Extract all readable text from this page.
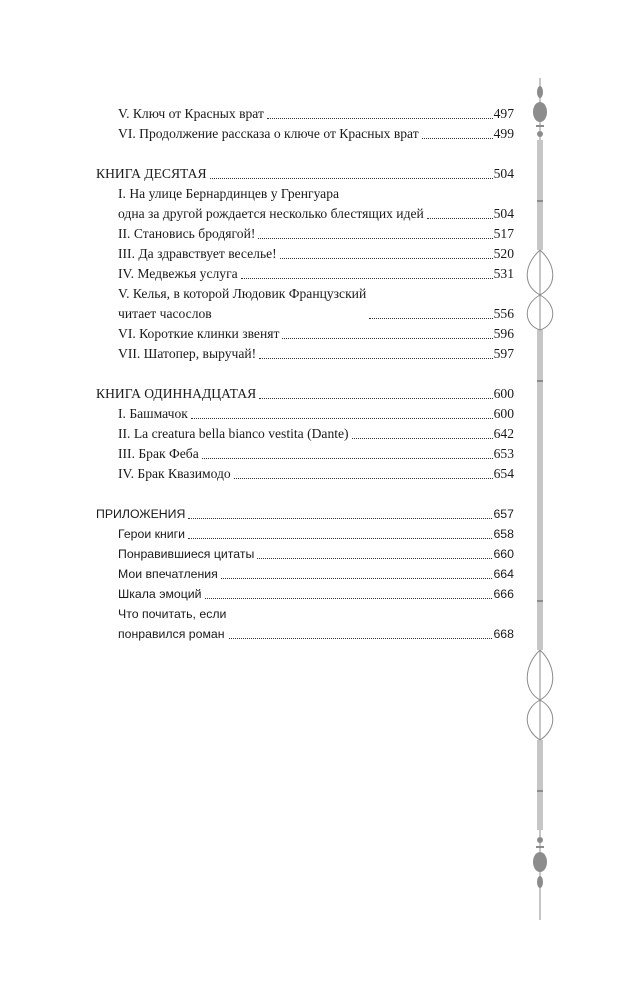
V. Ключ от Красных врат	497
VI. Продолжение рассказа о ключе от Красных врат	499
КНИГА ДЕСЯТАЯ	504
I. На улице Бернардинцев у Гренгуара
одна за другой рождается несколько блестящих идей	504
II. Становись бродягой!	517
III. Да здравствует веселье!	520
IV. Медвежья услуга	531
V. Келья, в которой Людовик Французский
читает часослов	556
VI. Короткие клинки звенят	596
VII. Шатопер, выручай!	597
КНИГА ОДИННАДЦАТАЯ	600
I. Башмачок	600
II. La creatura bella bianco vestita (Dante)	642
III. Брак Феба	653
IV. Брак Квазимодо	654
ПРИЛОЖЕНИЯ	657
Герои книги	658
Понравившиеся цитаты	660
Мои впечатления	664
Шкала эмоций	666
Что почитать, если
понравился роман	668
